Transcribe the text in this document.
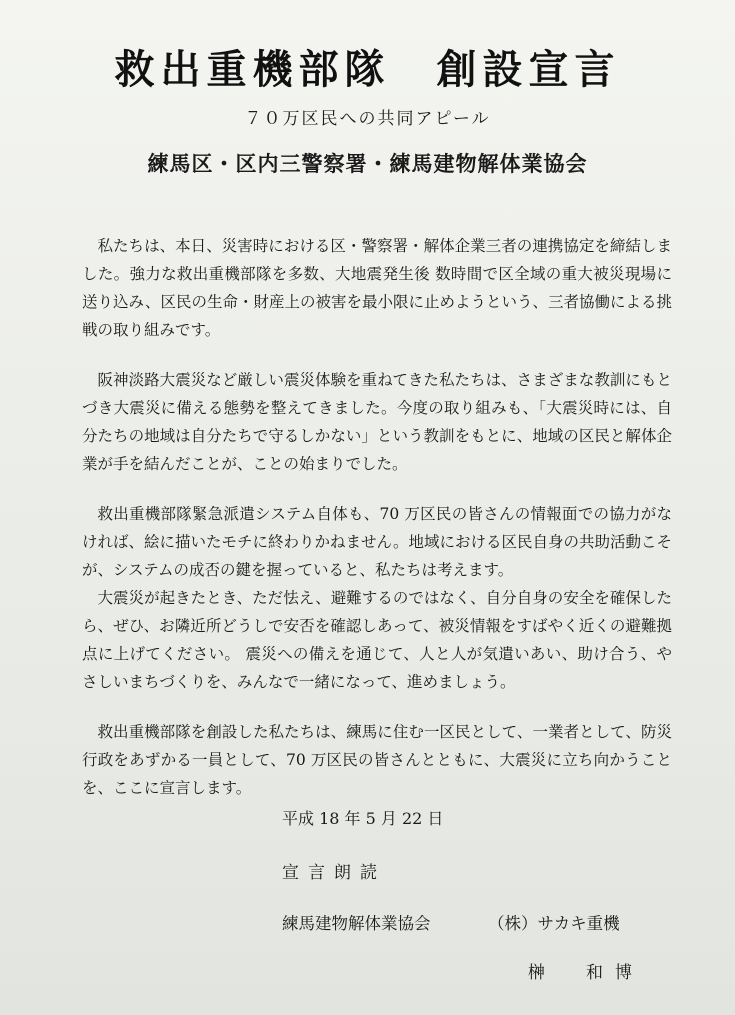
救出重機部隊　創設宣言
７０万区民への共同アピール
練馬区・区内三警察署・練馬建物解体業協会

私たちは、本日、災害時における区・警察署・解体企業三者の連携協定を締結しました。強力な救出重機部隊を多数、大地震発生後 数時間で区全域の重大被災現場に送り込み、区民の生命・財産上の被害を最小限に止めようという、三者協働による挑戦の取り組みです。

阪神淡路大震災など厳しい震災体験を重ねてきた私たちは、さまざまな教訓にもとづき大震災に備える態勢を整えてきました。今度の取り組みも、「大震災時には、自分たちの地域は自分たちで守るしかない」という教訓をもとに、地域の区民と解体企業が手を結んだことが、ことの始まりでした。

救出重機部隊緊急派遣システム自体も、70 万区民の皆さんの情報面での協力がなければ、絵に描いたモチに終わりかねません。地域における区民自身の共助活動こそが、システムの成否の鍵を握っていると、私たちは考えます。

大震災が起きたとき、ただ怯え、避難するのではなく、自分自身の安全を確保したら、ぜひ、お隣近所どうしで安否を確認しあって、被災情報をすばやく近くの避難拠点に上げてください。 震災への備えを通じて、人と人が気遣いあい、助け合う、やさしいまちづくりを、みんなで一緒になって、進めましょう。

救出重機部隊を創設した私たちは、練馬に住む一区民として、一業者として、防災行政をあずかる一員として、70 万区民の皆さんとともに、大震災に立ち向かうことを、ここに宣言します。

平成 18 年 5 月 22 日
宣言朗読
練馬建物解体業協会	（株）サカキ重機
榊　和博
